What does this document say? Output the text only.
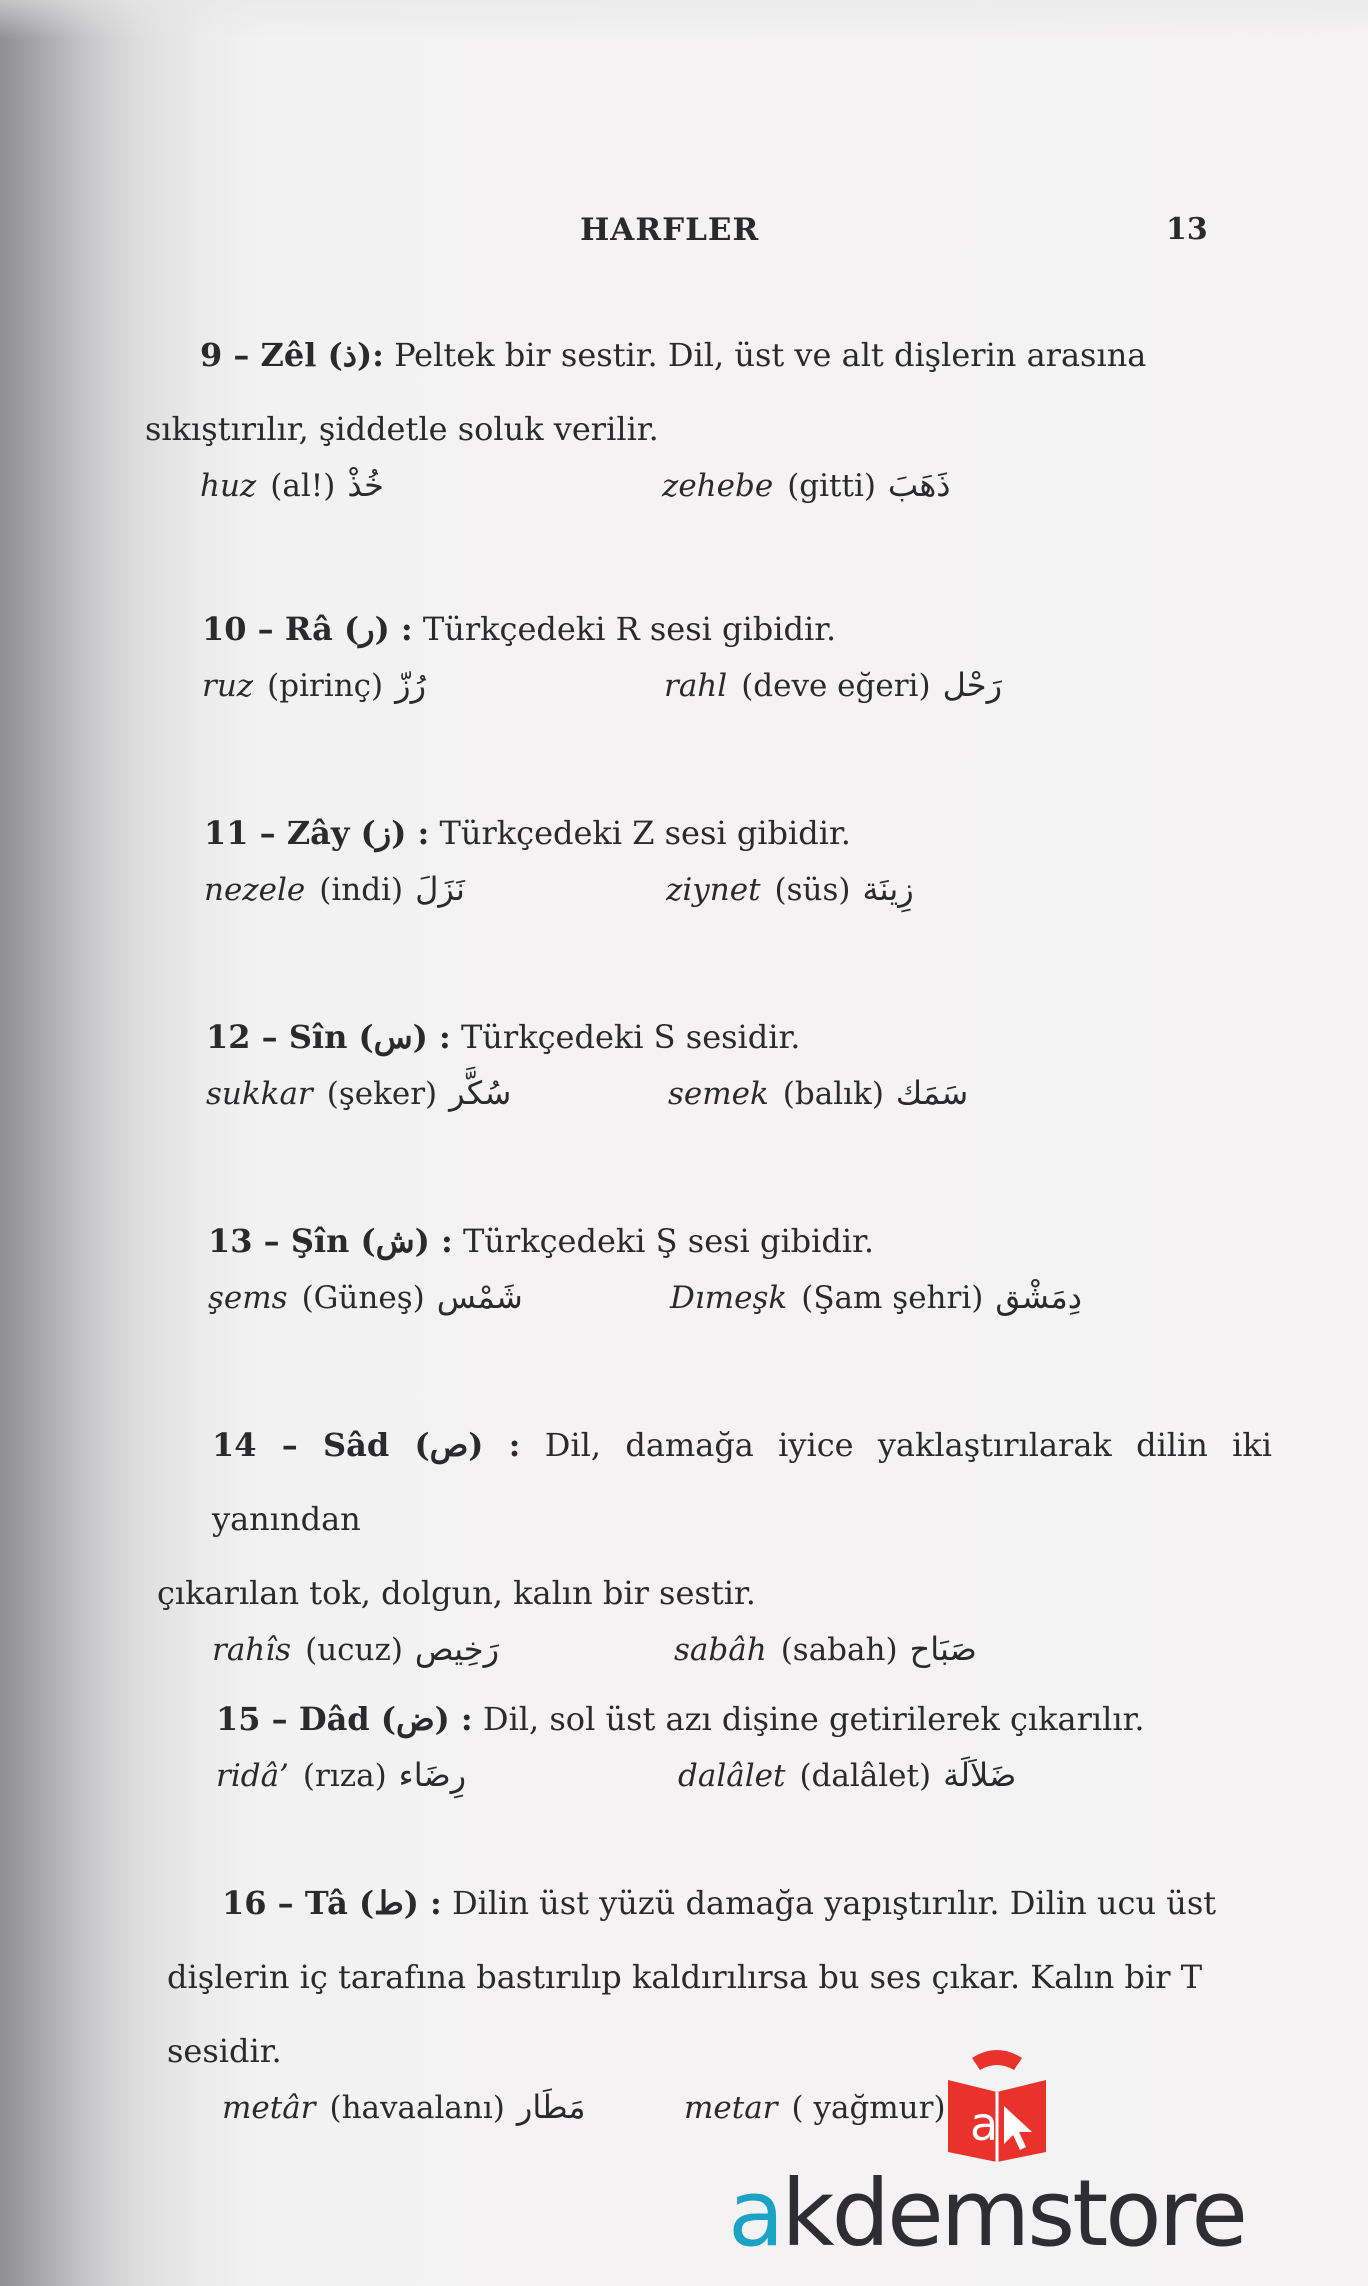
HARFLER	13
9 – Zêl (ذ): Peltek bir sestir. Dil, üst ve alt dişlerin arasına
sıkıştırılır, şiddetle soluk verilir.
huz (al!) خُذْ	zehebe (gitti) ذَهَبَ
10 – Râ (ر) : Türkçedeki R sesi gibidir.
ruz (pirinç) رُزّ	rahl (deve eğeri) رَحْل
11 – Zây (ز) : Türkçedeki Z sesi gibidir.
nezele (indi) نَزَلَ	ziynet (süs) زِينَة
12 – Sîn (س) : Türkçedeki S sesidir.
sukkar (şeker) سُكَّر	semek (balık) سَمَك
13 – Şîn (ش) : Türkçedeki Ş sesi gibidir.
şems (Güneş) شَمْس	Dımeşk (Şam şehri) دِمَشْق
14 – Sâd (ص) : Dil, damağa iyice yaklaştırılarak dilin iki yanından
çıkarılan tok, dolgun, kalın bir sestir.
rahîs (ucuz) رَخِيص	sabâh (sabah) صَبَاح
15 – Dâd (ض) : Dil, sol üst azı dişine getirilerek çıkarılır.
ridâ’ (rıza) رِضَاء	dalâlet (dalâlet) ضَلاَلَة
16 – Tâ (ط) : Dilin üst yüzü damağa yapıştırılır. Dilin ucu üst
dişlerin iç tarafına bastırılıp kaldırılırsa bu ses çıkar. Kalın bir T
sesidir.
metâr (havaalanı) مَطَار	metar ( yağmur) a
akdemstore
